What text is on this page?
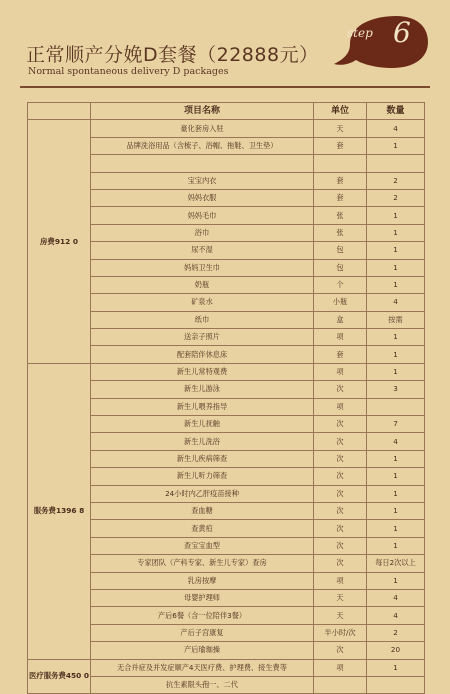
正常顺产分娩D套餐（22888元）
Normal spontaneous delivery D packages
step 6
	项目名称	单位	数量
房费912 0	豪化套房入驻	天	4
	品牌洗浴用品（含梳子、浴帽、拖鞋、卫生垫）	套	1

	宝宝内衣	套	2
	妈妈衣服	套	2
	妈妈毛巾	张	1
	浴巾	张	1
	尿不湿	包	1
	妈妈卫生巾	包	1
	奶瓶	个	1
	矿泉水	小瓶	4
	纸巾	盒	按需
	送亲子照片	项	1
	配套陪伴休息床	套	1
服务费1396 8	新生儿常特观费	项	1
	新生儿游泳	次	3
	新生儿喂养指导	项	
	新生儿抚触	次	7
	新生儿洗浴	次	4
	新生儿疾病筛查	次	1
	新生儿听力筛查	次	1
	24小时内乙肝疫苗接种	次	1
	查血糖	次	1
	查黄疸	次	1
	查宝宝血型	次	1
	专家团队（产科专家、新生儿专家）查房	次	每日2次以上
	乳房按摩	项	1
	母婴护理师	天	4
	产后6餐（含一位陪伴3餐）	天	4
	产后子宫康复	半小时/次	2
	产后瑜珈操	次	20
医疗服务费450 0	无合并症及并发症顺产4天医疗费、护理费、接生费等	项	1
	抗生素限头孢一、二代		
